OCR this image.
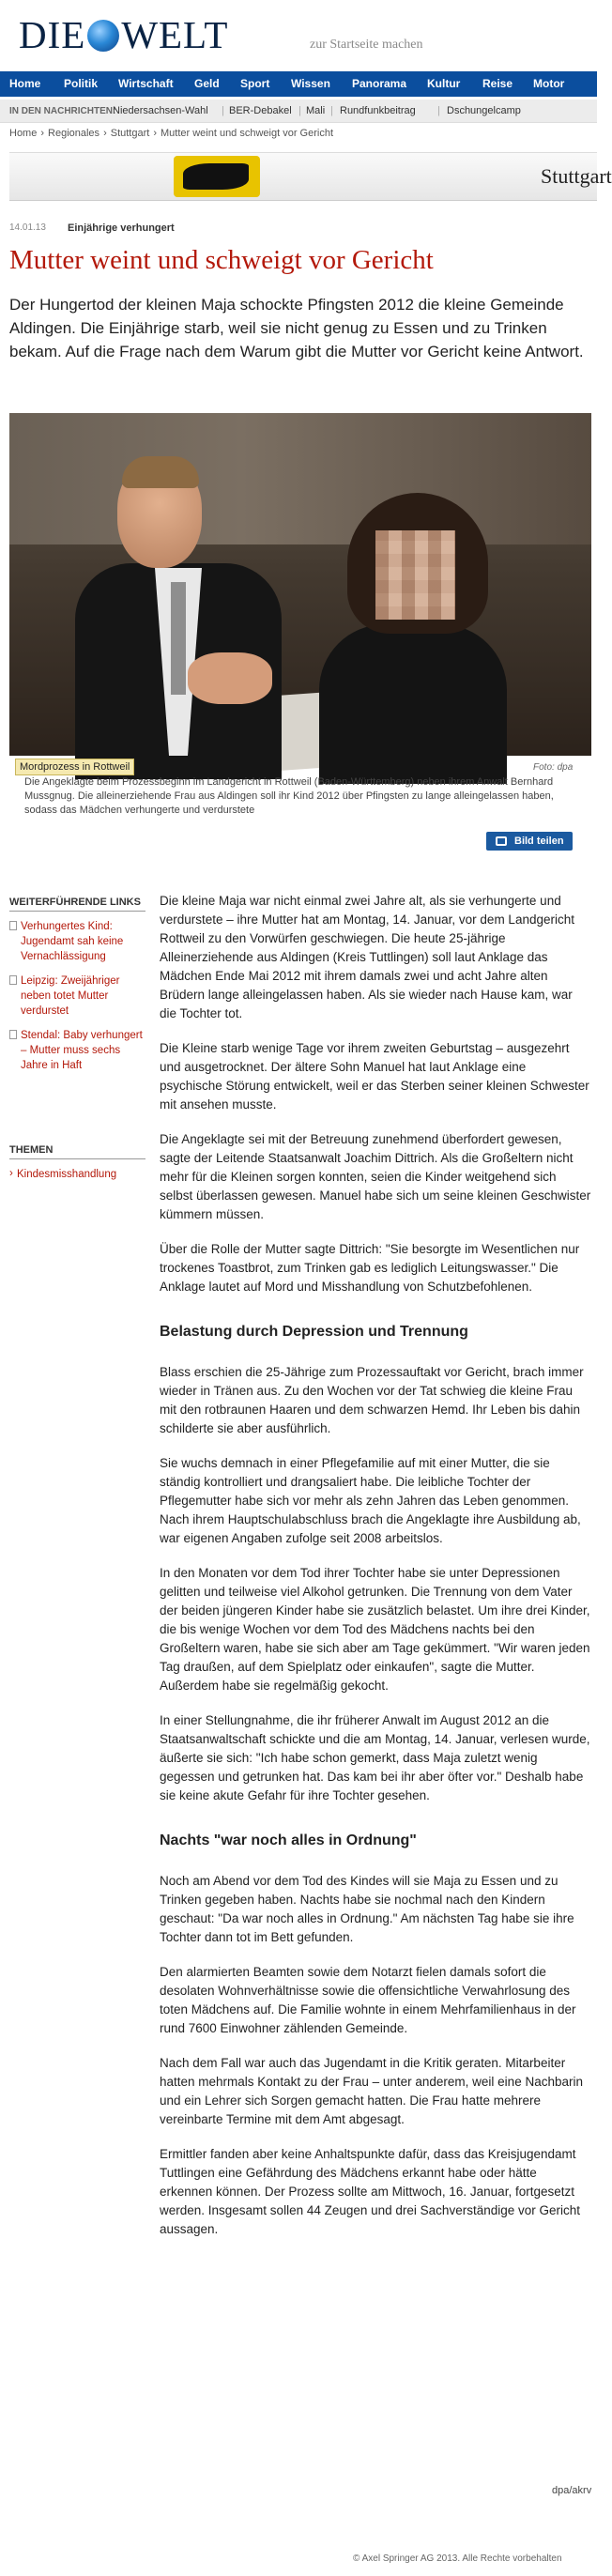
DIE WELT	zur Startseite machen
Home Politik Wirtschaft Geld Sport Wissen Panorama Kultur Reise Motor
IN DEN NACHRICHTEN:
Niedersachsen-Wahl | BER-Debakel | Mali | Rundfunkbeitrag | Dschungelcamp
Home › Regionales › Stuttgart › Mutter weint und schweigt vor Gericht
Stuttgart
14.01.13 Einjährige verhungert
Mutter weint und schweigt vor Gericht
Der Hungertod der kleinen Maja schockte Pfingsten 2012 die kleine Gemeinde Aldingen. Die Einjährige starb, weil sie nicht genug zu Essen und zu Trinken bekam. Auf die Frage nach dem Warum gibt die Mutter vor Gericht keine Antwort.
Mordprozess in Rottweil	Foto: dpa
Die Angeklagte beim Prozessbeginn im Landgericht in Rottweil (Baden-Württemberg) neben ihrem Anwalt Bernhard Mussgnug. Die alleinerziehende Frau aus Aldingen soll ihr Kind 2012 über Pfingsten zu lange alleingelassen haben, sodass das Mädchen verhungerte und verdurstete
Bild teilen
WEITERFÜHRENDE LINKS
Verhungertes Kind: Jugendamt sah keine Vernachlässigung
Leipzig: Zweijähriger neben totet Mutter verdurstet
Stendal: Baby verhungert – Mutter muss sechs Jahre in Haft
THEMEN
› Kindesmisshandlung

Die kleine Maja war nicht einmal zwei Jahre alt, als sie verhungerte und verdurstete – ihre Mutter hat am Montag, 14. Januar, vor dem Landgericht Rottweil zu den Vorwürfen geschwiegen. Die heute 25-jährige Alleinerziehende aus Aldingen (Kreis Tuttlingen) soll laut Anklage das Mädchen Ende Mai 2012 mit ihrem damals zwei und acht Jahre alten Brüdern lange alleingelassen haben. Als sie wieder nach Hause kam, war die Tochter tot.

Die Kleine starb wenige Tage vor ihrem zweiten Geburtstag – ausgezehrt und ausgetrocknet. Der ältere Sohn Manuel hat laut Anklage eine psychische Störung entwickelt, weil er das Sterben seiner kleinen Schwester mit ansehen musste.

Die Angeklagte sei mit der Betreuung zunehmend überfordert gewesen, sagte der Leitende Staatsanwalt Joachim Dittrich. Als die Großeltern nicht mehr für die Kleinen sorgen konnten, seien die Kinder weitgehend sich selbst überlassen gewesen. Manuel habe sich um seine kleinen Geschwister kümmern müssen.

Über die Rolle der Mutter sagte Dittrich: "Sie besorgte im Wesentlichen nur trockenes Toastbrot, zum Trinken gab es lediglich Leitungswasser." Die Anklage lautet auf Mord und Misshandlung von Schutzbefohlenen.

Belastung durch Depression und Trennung

Blass erschien die 25-Jährige zum Prozessauftakt vor Gericht, brach immer wieder in Tränen aus. Zu den Wochen vor der Tat schwieg die kleine Frau mit den rotbraunen Haaren und dem schwarzen Hemd. Ihr Leben bis dahin schilderte sie aber ausführlich.

Sie wuchs demnach in einer Pflegefamilie auf mit einer Mutter, die sie ständig kontrolliert und drangsaliert habe. Die leibliche Tochter der Pflegemutter habe sich vor mehr als zehn Jahren das Leben genommen. Nach ihrem Hauptschulabschluss brach die Angeklagte ihre Ausbildung ab, war eigenen Angaben zufolge seit 2008 arbeitslos.

In den Monaten vor dem Tod ihrer Tochter habe sie unter Depressionen gelitten und teilweise viel Alkohol getrunken. Die Trennung von dem Vater der beiden jüngeren Kinder habe sie zusätzlich belastet. Um ihre drei Kinder, die bis wenige Wochen vor dem Tod des Mädchens nachts bei den Großeltern waren, habe sie sich aber am Tage gekümmert. "Wir waren jeden Tag draußen, auf dem Spielplatz oder einkaufen", sagte die Mutter. Außerdem habe sie regelmäßig gekocht.

In einer Stellungnahme, die ihr früherer Anwalt im August 2012 an die Staatsanwaltschaft schickte und die am Montag, 14. Januar, verlesen wurde, äußerte sie sich: "Ich habe schon gemerkt, dass Maja zuletzt wenig gegessen und getrunken hat. Das kam bei ihr aber öfter vor." Deshalb habe sie keine akute Gefahr für ihre Tochter gesehen.

Nachts "war noch alles in Ordnung"

Noch am Abend vor dem Tod des Kindes will sie Maja zu Essen und zu Trinken gegeben haben. Nachts habe sie nochmal nach den Kindern geschaut: "Da war noch alles in Ordnung." Am nächsten Tag habe sie ihre Tochter dann tot im Bett gefunden.

Den alarmierten Beamten sowie dem Notarzt fielen damals sofort die desolaten Wohnverhältnisse sowie die offensichtliche Verwahrlosung des toten Mädchens auf. Die Familie wohnte in einem Mehrfamilienhaus in der rund 7600 Einwohner zählenden Gemeinde.

Nach dem Fall war auch das Jugendamt in die Kritik geraten. Mitarbeiter hatten mehrmals Kontakt zu der Frau – unter anderem, weil eine Nachbarin und ein Lehrer sich Sorgen gemacht hatten. Die Frau hatte mehrere vereinbarte Termine mit dem Amt abgesagt.

Ermittler fanden aber keine Anhaltspunkte dafür, dass das Kreisjugendamt Tuttlingen eine Gefährdung des Mädchens erkannt habe oder hätte erkennen können. Der Prozess sollte am Mittwoch, 16. Januar, fortgesetzt werden. Insgesamt sollen 44 Zeugen und drei Sachverständige vor Gericht aussagen.

dpa/akrv
© Axel Springer AG 2013. Alle Rechte vorbehalten
